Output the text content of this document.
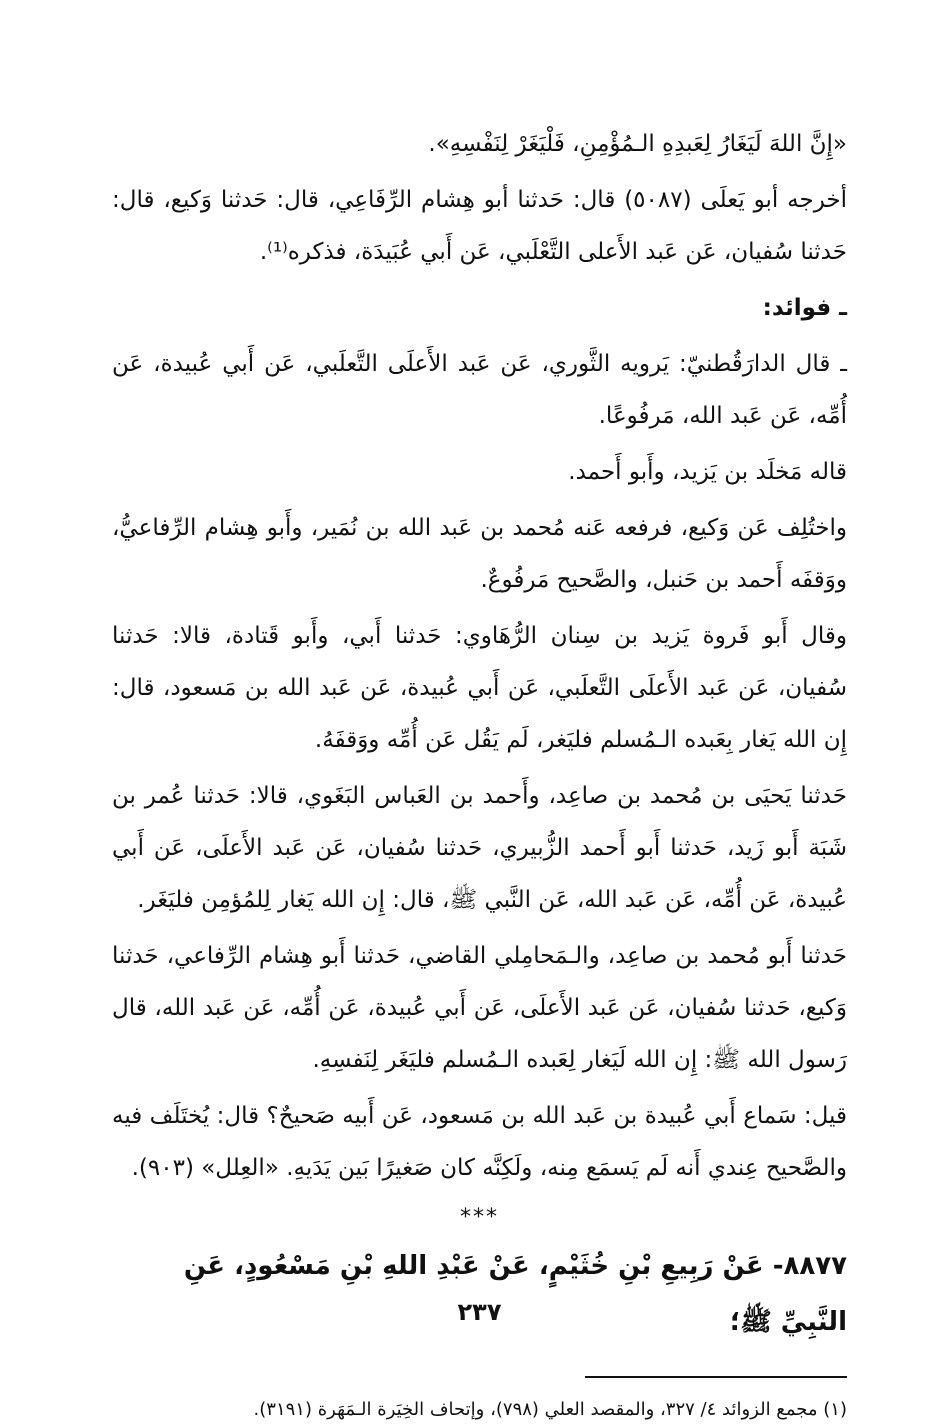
«إِنَّ اللهَ لَيَغَارُ لِعَبدِهِ الـمُؤْمِنِ، فَلْيَغَرْ لِنَفْسِهِ».

أخرجه أبو يَعلَى (٥٠٨٧) قال: حَدثنا أبو هِشام الرِّفَاعِي، قال: حَدثنا وَكيع، قال: حَدثنا سُفيان، عَن عَبد الأَعلى التَّعْلَبي، عَن أَبي عُبَيدَة، فذكره⁽¹⁾.

ـ فوائد:

ـ قال الدارَقُطنيّ: يَرويه الثَّوري، عَن عَبد الأَعلَى التَّعلَبي، عَن أَبي عُبيدة، عَن أُمِّه، عَن عَبد الله، مَرفُوعًا.

قاله مَخلَد بن يَزيد، وأَبو أَحمد.

واختُلِف عَن وَكيع، فرفعه عَنه مُحمد بن عَبد الله بن نُمَير، وأَبو هِشام الرِّفاعيُّ، ووَقفَه أَحمد بن حَنبل، والصَّحيح مَرفُوعٌ.

وقال أَبو فَروة يَزيد بن سِنان الرُّهَاوي: حَدثنا أَبي، وأَبو قَتادة، قالا: حَدثنا سُفيان، عَن عَبد الأَعلَى التَّعلَبي، عَن أَبي عُبيدة، عَن عَبد الله بن مَسعود، قال: إِن الله يَغار بِعَبده الـمُسلم فليَغر، لَم يَقُل عَن أُمِّه ووَقفَهُ.

حَدثنا يَحيَى بن مُحمد بن صاعِد، وأَحمد بن العَباس البَغَوي، قالا: حَدثنا عُمر بن شَبَة أَبو زَيد، حَدثنا أَبو أَحمد الزُّبيري، حَدثنا سُفيان، عَن عَبد الأَعلَى، عَن أَبي عُبيدة، عَن أُمِّه، عَن عَبد الله، عَن النَّبي ﷺ، قال: إِن الله يَغار لِلمُؤمِن فليَغَر.

حَدثنا أَبو مُحمد بن صاعِد، والـمَحامِلي القاضي، حَدثنا أَبو هِشام الرِّفاعي، حَدثنا وَكيع، حَدثنا سُفيان، عَن عَبد الأَعلَى، عَن أَبي عُبيدة، عَن أُمِّه، عَن عَبد الله، قال رَسول الله ﷺ: إِن الله لَيَغار لِعَبده الـمُسلم فليَغَر لِنَفسِهِ.

قيل: سَماع أَبي عُبيدة بن عَبد الله بن مَسعود، عَن أَبيه صَحيحٌ؟ قال: يُختَلَف فيه والصَّحيح عِندي أَنه لَم يَسمَع مِنه، ولَكِنَّه كان صَغيرًا بَين يَدَيهِ. «العِلل» (٩٠٣).

***

٨٨٧٧- عَنْ رَبِيعِ بْنِ خُثَيْمٍ، عَنْ عَبْدِ اللهِ بْنِ مَسْعُودٍ، عَنِ النَّبِيِّ ﷺ؛

(١) مجمع الزوائد ٤/ ٣٢٧، والمقصد العلي (٧٩٨)، وإتحاف الخِيَرة الـمَهَرة (٣١٩١).

٢٣٧
